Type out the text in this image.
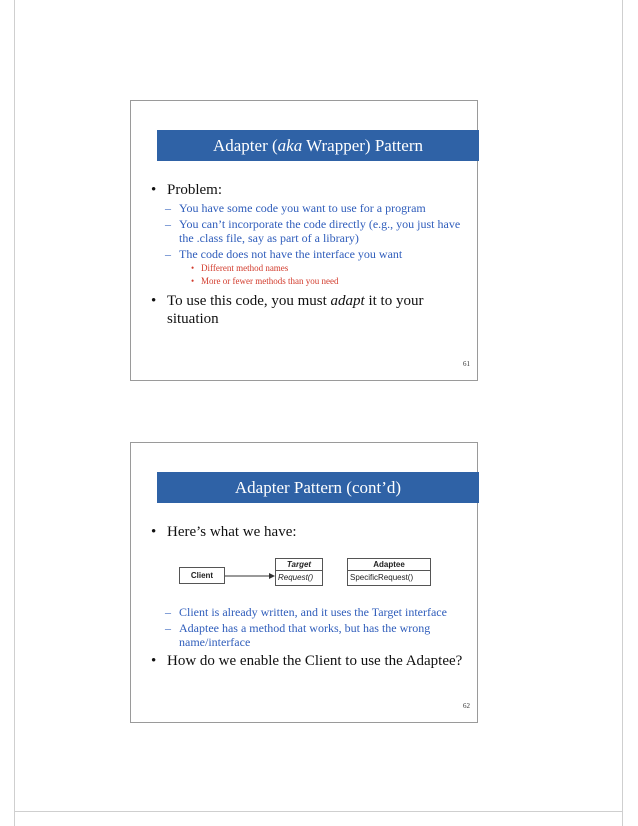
Adapter (aka Wrapper) Pattern
• Problem:
– You have some code you want to use for a program
– You can’t incorporate the code directly (e.g., you just have the .class file, say as part of a library)
– The code does not have the interface you want
• Different method names
• More or fewer methods than you need
• To use this code, you must adapt it to your situation
61
Adapter Pattern (cont’d)
• Here’s what we have:
Client
Target
Request()
Adaptee
SpecificRequest()
– Client is already written, and it uses the Target interface
– Adaptee has a method that works, but has the wrong name/interface
• How do we enable the Client to use the Adaptee?
62
